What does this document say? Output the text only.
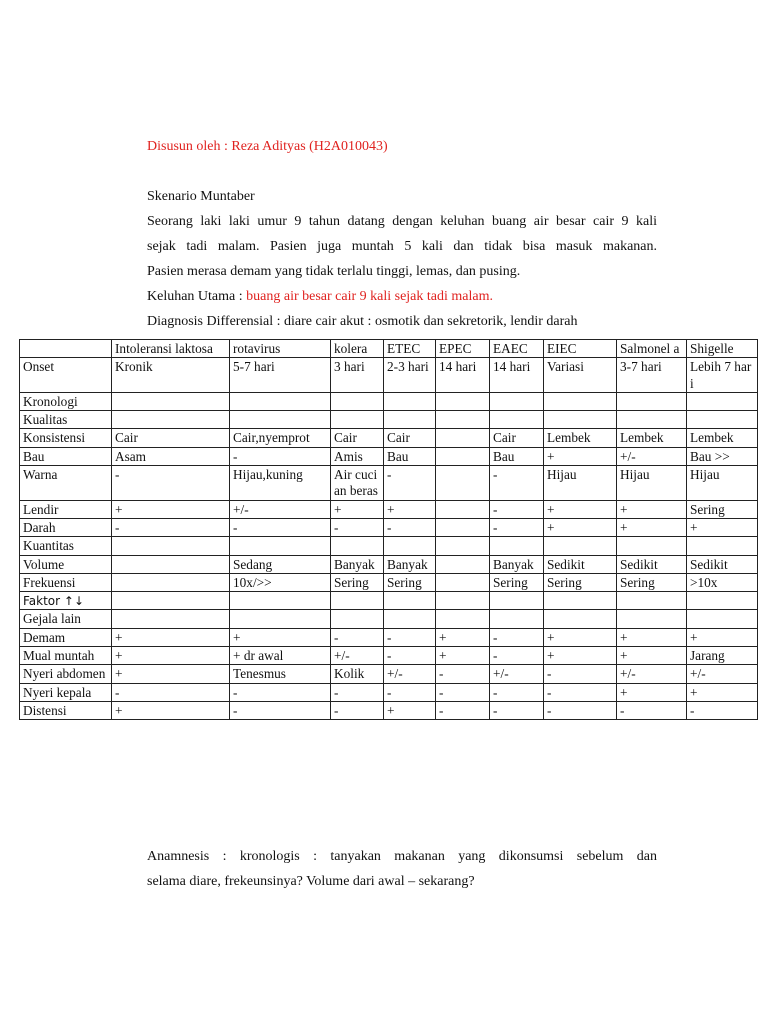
Disusun oleh : Reza Adityas (H2A010043)
Skenario Muntaber
Seorang laki laki umur 9 tahun datang dengan keluhan buang air besar cair 9 kali
sejak tadi malam. Pasien juga muntah 5 kali dan tidak bisa masuk makanan.
Pasien merasa demam yang tidak terlalu tinggi, lemas, dan pusing.
Keluhan Utama : buang air besar cair 9 kali sejak tadi malam.
Diagnosis Differensial : diare cair akut : osmotik dan sekretorik, lendir darah
	Intoleransi laktosa	rotavirus	kolera	ETEC	EPEC	EAEC	EIEC	Salmonel a	Shigelle
Onset	Kronik	5-7 hari	3 hari	2-3 hari	14 hari	14 hari	Variasi	3-7 hari	Lebih 7 hari
Kronologi									
Kualitas									
Konsistensi	Cair	Cair,nyemprot	Cair	Cair		Cair	Lembek	Lembek	Lembek
Bau	Asam	-	Amis	Bau		Bau	+	+/-	Bau >>
Warna	-	Hijau,kuning	Air cucian beras	-		-	Hijau	Hijau	Hijau
Lendir	+	+/-	+	+		-	+	+	Sering
Darah	-	-	-	-		-	+	+	+
Kuantitas									
Volume		Sedang	Banyak	Banyak		Banyak	Sedikit	Sedikit	Sedikit
Frekuensi		10x/>>	Sering	Sering		Sering	Sering	Sering	>10x
Faktor ↑↓									
Gejala lain									
Demam	+	+	-	-	+	-	+	+	+
Mual muntah	+	+ dr awal	+/-	-	+	-	+	+	Jarang
Nyeri abdomen	+	Tenesmus	Kolik	+/-	-	+/-	-	+/-	+/-
Nyeri kepala	-	-	-	-	-	-	-	+	+
Distensi	+	-	-	+	-	-	-	-	-
Anamnesis : kronologis : tanyakan makanan yang dikonsumsi sebelum dan
selama diare, frekeunsinya? Volume dari awal – sekarang?
